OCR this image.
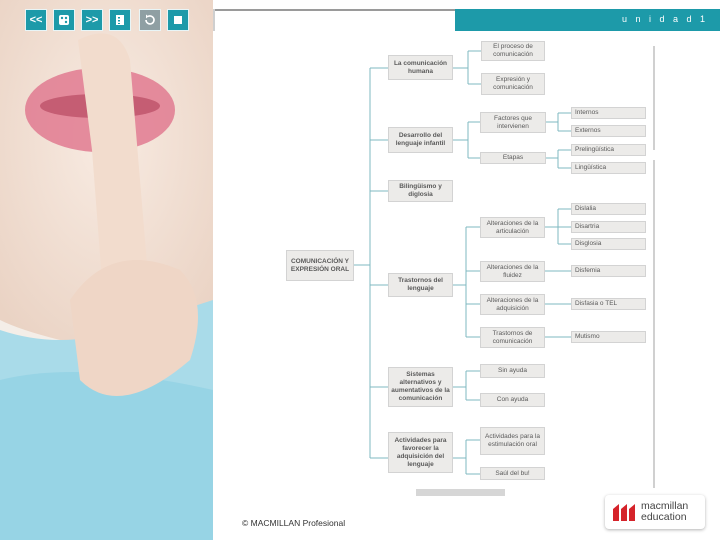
<<	>>	u n i d a d 1
COMUNICACIÓN Y EXPRESIÓN ORAL
La comunicación humana
Desarrollo del lenguaje infantil
Bilingüismo y diglosia
Trastornos del lenguaje
Sistemas alternativos y aumentativos de la comunicación
Actividades para favorecer la adquisición del lenguaje
El proceso de comunicación
Expresión y comunicación
Factores que intervienen
Etapas
Alteraciones de la articulación
Alteraciones de la fluidez
Alteraciones de la adquisición
Trastornos de comunicación
Sin ayuda
Con ayuda
Actividades para la estimulación oral
Saúl del bu!
Internos
Externos
Prelingüística
Lingüística
Dislalia
Disartria
Disglosia
Disfemia
Disfasia o TEL
Mutismo
© MACMILLAN Profesional
macmillan
education
